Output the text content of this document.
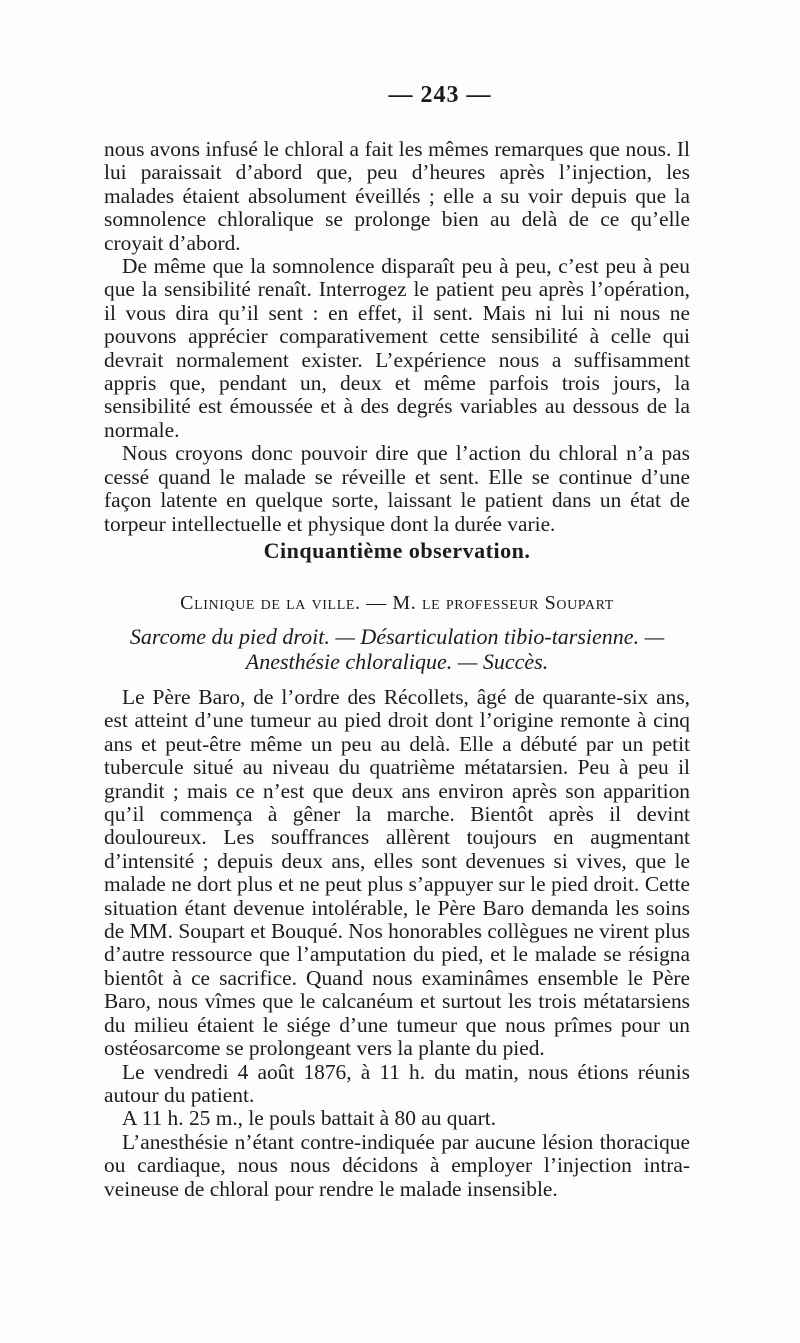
— 243 —

nous avons infusé le chloral a fait les mêmes remarques que nous. Il lui paraissait d’abord que, peu d’heures après l’injection, les malades étaient absolument éveillés ; elle a su voir depuis que la somnolence chloralique se prolonge bien au delà de ce qu’elle croyait d’abord.

De même que la somnolence disparaît peu à peu, c’est peu à peu que la sensibilité renaît. Interrogez le patient peu après l’opération, il vous dira qu’il sent : en effet, il sent. Mais ni lui ni nous ne pouvons apprécier comparativement cette sensibilité à celle qui devrait normalement exister. L’expérience nous a suffisamment appris que, pendant un, deux et même parfois trois jours, la sensibilité est émoussée et à des degrés variables au dessous de la normale.

Nous croyons donc pouvoir dire que l’action du chloral n’a pas cessé quand le malade se réveille et sent. Elle se continue d’une façon latente en quelque sorte, laissant le patient dans un état de torpeur intellectuelle et physique dont la durée varie.

Cinquantième observation.
Clinique de la ville. — M. le professeur Soupart
Sarcome du pied droit. — Désarticulation tibio-tarsienne. —
Anesthésie chloralique. — Succès.

Le Père Baro, de l’ordre des Récollets, âgé de quarante-six ans, est atteint d’une tumeur au pied droit dont l’origine remonte à cinq ans et peut-être même un peu au delà. Elle a débuté par un petit tubercule situé au niveau du quatrième métatarsien. Peu à peu il grandit ; mais ce n’est que deux ans environ après son apparition qu’il commença à gêner la marche. Bientôt après il devint douloureux. Les souffrances allèrent toujours en augmentant d’intensité ; depuis deux ans, elles sont devenues si vives, que le malade ne dort plus et ne peut plus s’appuyer sur le pied droit. Cette situation étant devenue intolérable, le Père Baro demanda les soins de MM. Soupart et Bouqué. Nos honorables collègues ne virent plus d’autre ressource que l’amputation du pied, et le malade se résigna bientôt à ce sacrifice. Quand nous examinâmes ensemble le Père Baro, nous vîmes que le calcanéum et surtout les trois métatarsiens du milieu étaient le siége d’une tumeur que nous prîmes pour un ostéosarcome se prolongeant vers la plante du pied.

Le vendredi 4 août 1876, à 11 h. du matin, nous étions réunis autour du patient.

A 11 h. 25 m., le pouls battait à 80 au quart.

L’anesthésie n’étant contre-indiquée par aucune lésion thoracique ou cardiaque, nous nous décidons à employer l’injection intra-veineuse de chloral pour rendre le malade insensible.
